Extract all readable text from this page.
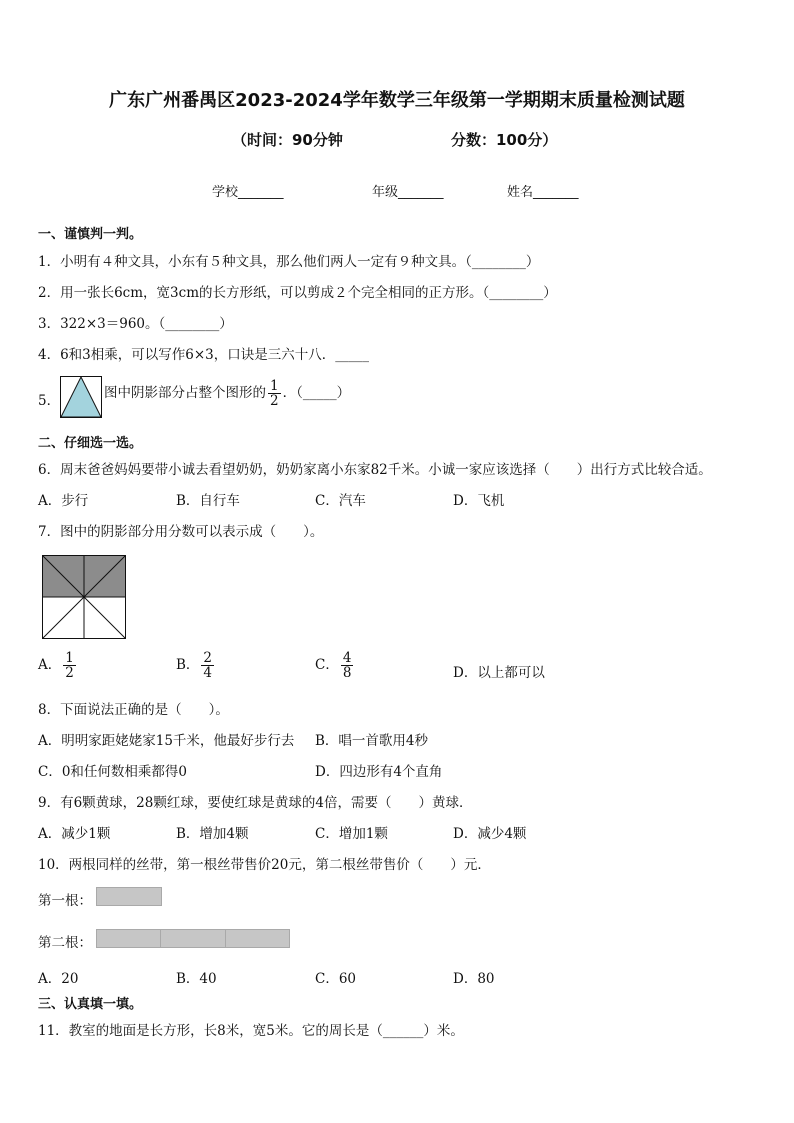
广东广州番禺区2023-2024学年数学三年级第一学期期末质量检测试题
（时间：90分钟	分数：100分）
学校_______	年级_______	姓名_______
一、谨慎判一判。
1．小明有４种文具，小东有５种文具，那么他们两人一定有９种文具。（________）
2．用一张长6cm，宽3cm的长方形纸，可以剪成２个完全相同的正方形。（________）
3．322×3＝960。（________）
4．6和3相乘，可以写作6×3，口诀是三六十八．_____
5．	图中阴影部分占整个图形的 $\frac{1}{2}$ ．（_____）
二、仔细选一选。
6．周末爸爸妈妈要带小诚去看望奶奶，奶奶家离小东家82千米。小诚一家应该选择（　　）出行方式比较合适。
A．步行	B．自行车	C．汽车	D．飞机
7．图中的阴影部分用分数可以表示成（　　）。
A． $\frac{1}{2}$	B． $\frac{2}{4}$	C． $\frac{4}{8}$	D．以上都可以
8．下面说法正确的是（　　）。
A．明明家距姥姥家15千米，他最好步行去 B．唱一首歌用4秒
C．0和任何数相乘都得0	D．四边形有4个直角
9．有6颗黄球，28颗红球，要使红球是黄球的4倍，需要（　　）黄球．
A．减少1颗	B．增加4颗	C．增加1颗	D．减少4颗
10．两根同样的丝带，第一根丝带售价20元，第二根丝带售价（　　）元．
第一根：
第二根：
A．20	B．40	C．60	D．80
三、认真填一填。
11．教室的地面是长方形，长8米，宽5米。它的周长是（______）米。
